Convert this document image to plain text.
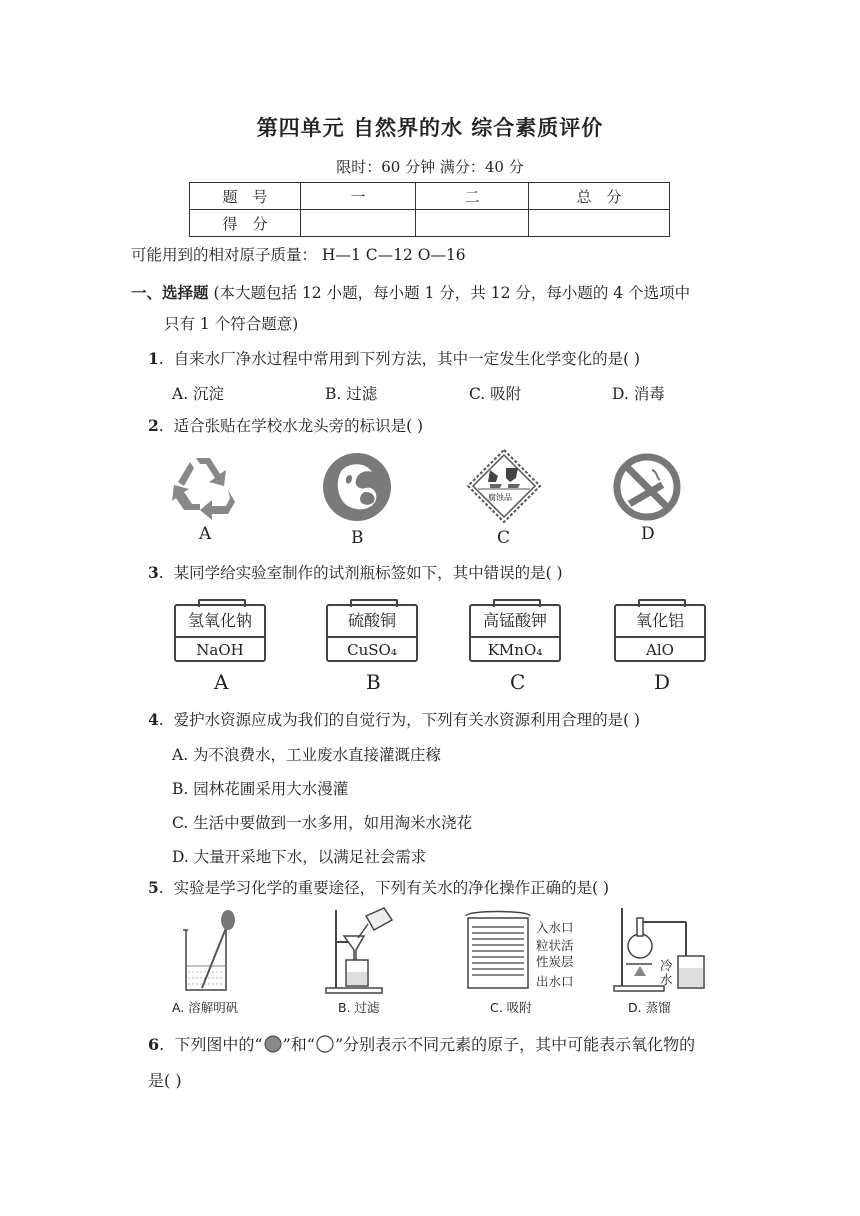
第四单元 自然界的水 综合素质评价
限时：60 分钟 满分：40 分
题　号	一	二	总　分
得　分			
可能用到的相对原子质量： H—1 C—12 O—16
一、选择题 (本大题包括 12 小题，每小题 1 分，共 12 分，每小题的 4 个选项中
只有 1 个符合题意)
1.  自来水厂净水过程中常用到下列方法，其中一定发生化学变化的是( )
A. 沉淀	B. 过滤	C. 吸附	D. 消毒
2.  适合张贴在学校水龙头旁的标识是( )
A	B
腐蚀品
C	D
3.  某同学给实验室制作的试剂瓶标签如下，其中错误的是( )
氢氧化钠
NaOH
A
硫酸铜
CuSO₄
B
高锰酸钾
KMnO₄
C
氧化铝
AlO
D
4.  爱护水资源应成为我们的自觉行为，下列有关水资源利用合理的是( )
A. 为不浪费水，工业废水直接灌溉庄稼
B. 园林花圃采用大水漫灌
C. 生活中要做到一水多用，如用淘米水浇花
D. 大量开采地下水，以满足社会需求
5.  实验是学习化学的重要途径，下列有关水的净化操作正确的是( )
A. 溶解明矾	B. 过滤
入水口
粒状活
性炭层
出水口
C. 吸附
冷
水
D. 蒸馏
6.  下列图中的“ ”和“ ”分别表示不同元素的原子，其中可能表示氧化物的
是( )
